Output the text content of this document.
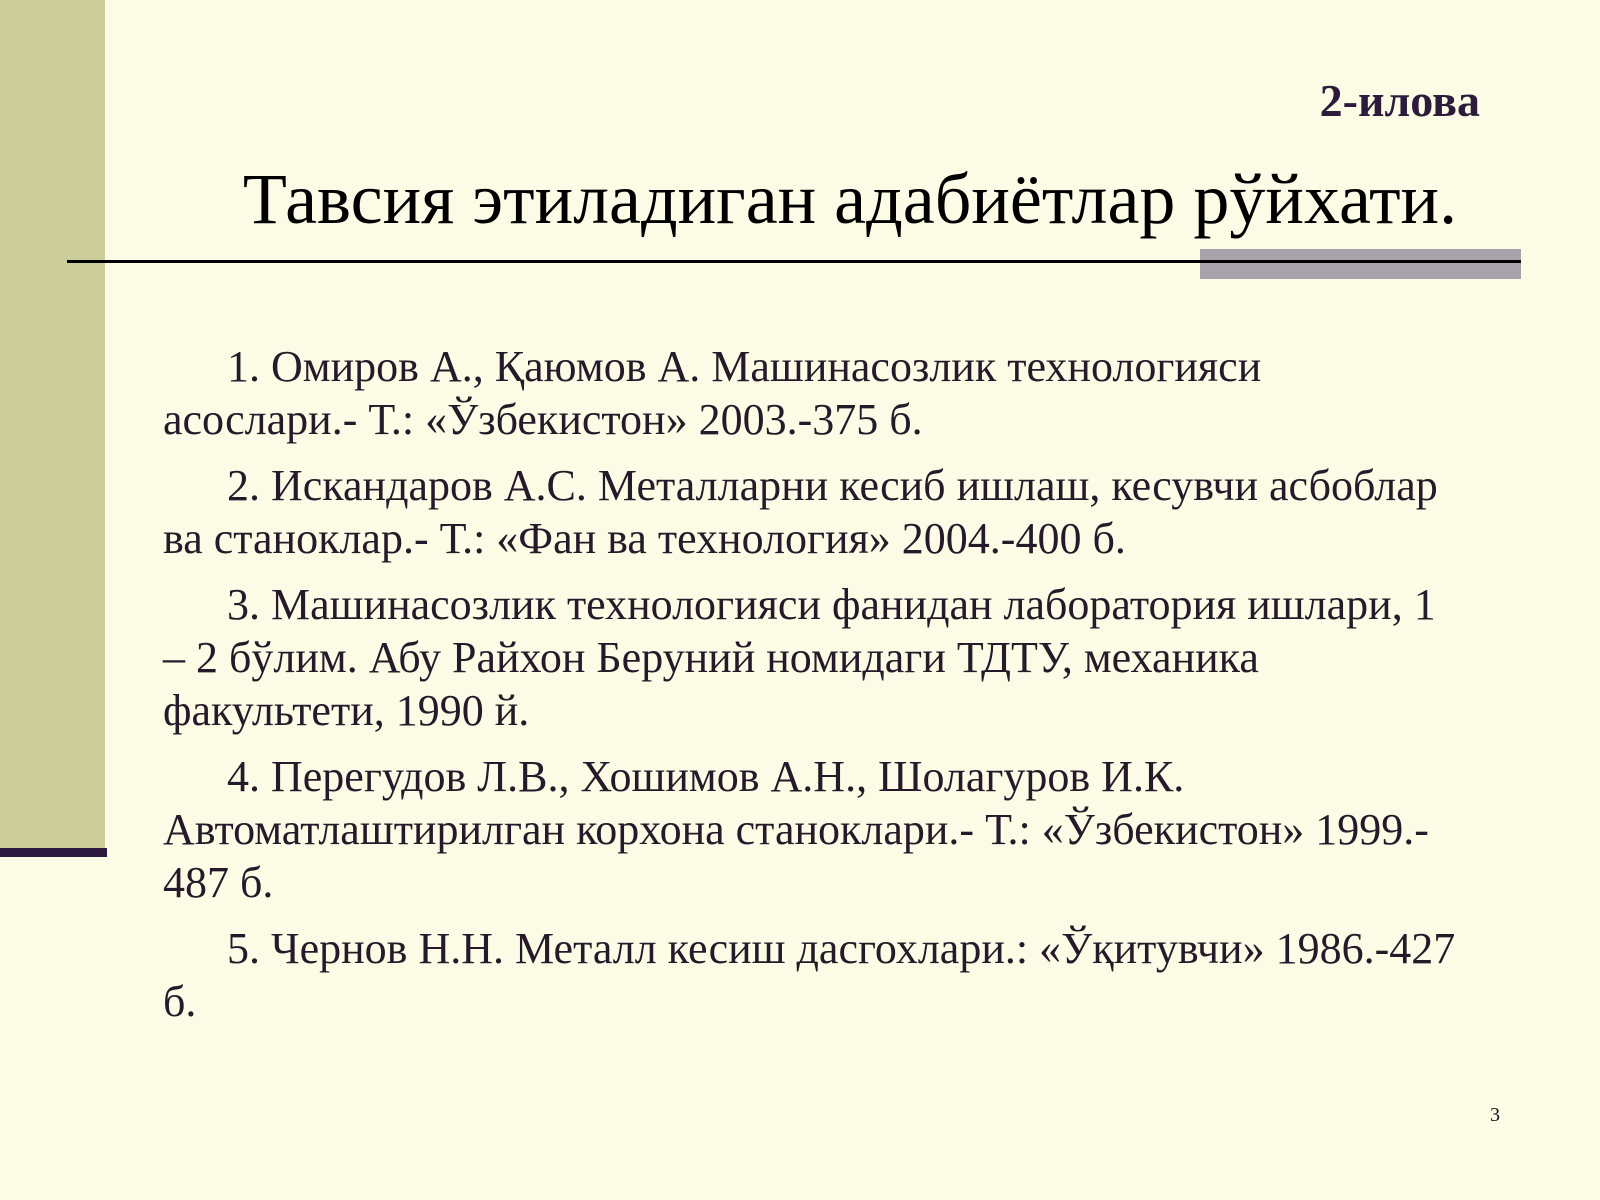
2-илова
Тавсия этиладиган адабиётлар рўйхати.
1. Омиров А., Қаюмов А. Машинасозлик технологияси асослари.- Т.: «Ўзбекистон» 2003.-375 б.
2. Искандаров А.С. Металларни кесиб ишлаш, кесувчи асбоблар ва станоклар.- Т.: «Фан ва технология» 2004.-400 б.
3. Машинасозлик технологияси фанидан лаборатория ишлари, 1 – 2 бўлим. Абу Райхон Беруний номидаги ТДТУ, механика факультети, 1990 й.
4. Перегудов Л.В., Хошимов А.Н., Шолагуров И.К. Автоматлаштирилган корхона станоклари.- Т.: «Ўзбекистон» 1999.- 487 б.
5. Чернов Н.Н. Металл кесиш дасгохлари.: «Ўқитувчи» 1986.-427 б.
3
